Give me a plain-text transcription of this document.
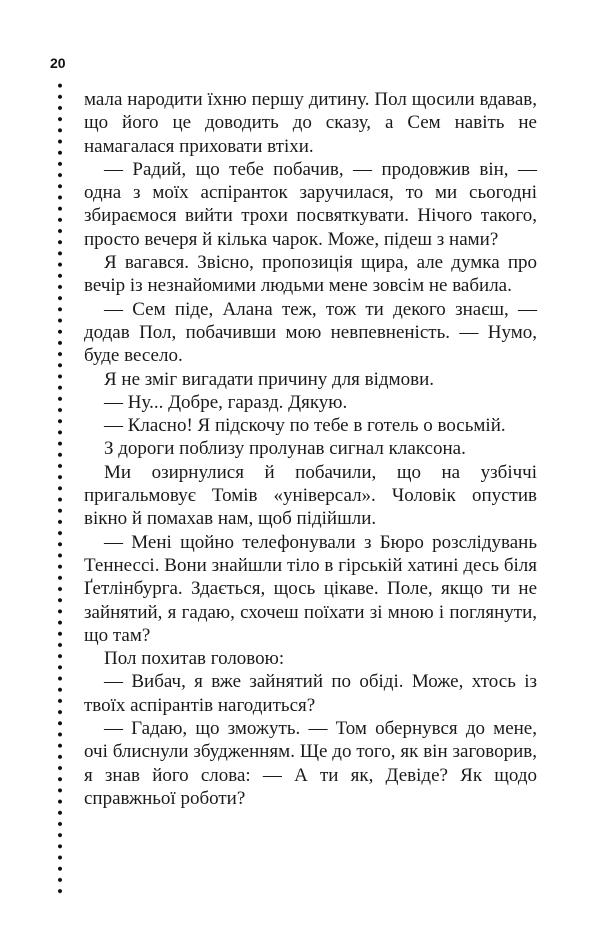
20

мала народити їхню першу дитину. Пол щосили вдавав, що його це доводить до сказу, а Сем навіть не намагалася приховати втіхи.

— Радий, що тебе побачив, — продовжив він, — одна з моїх аспіранток заручилася, то ми сьогодні збираємося вийти трохи посвяткувати. Нічого такого, просто вечеря й кілька чарок. Може, підеш з нами?

Я вагався. Звісно, пропозиція щира, але думка про вечір із незнайомими людьми мене зовсім не вабила.

— Сем піде, Алана теж, тож ти декого знаєш, — додав Пол, побачивши мою невпевненість. — Нумо, буде весело.

Я не зміг вигадати причину для відмови.

— Ну... Добре, гаразд. Дякую.

— Класно! Я підскочу по тебе в готель о восьмій.

З дороги поблизу пролунав сигнал клаксона.

Ми озирнулися й побачили, що на узбіччі пригальмовує Томів «універсал». Чоловік опустив вікно й помахав нам, щоб підійшли.

— Мені щойно телефонували з Бюро розслідувань Теннессі. Вони знайшли тіло в гірській хатині десь біля Ґетлінбурга. Здається, щось цікаве. Поле, якщо ти не зайнятий, я гадаю, схочеш поїхати зі мною і поглянути, що там?

Пол похитав головою:

— Вибач, я вже зайнятий по обіді. Може, хтось із твоїх аспірантів нагодиться?

— Гадаю, що зможуть. — Том обернувся до мене, очі блиснули збудженням. Ще до того, як він заговорив, я знав його слова: — А ти як, Девіде? Як щодо справжньої роботи?
